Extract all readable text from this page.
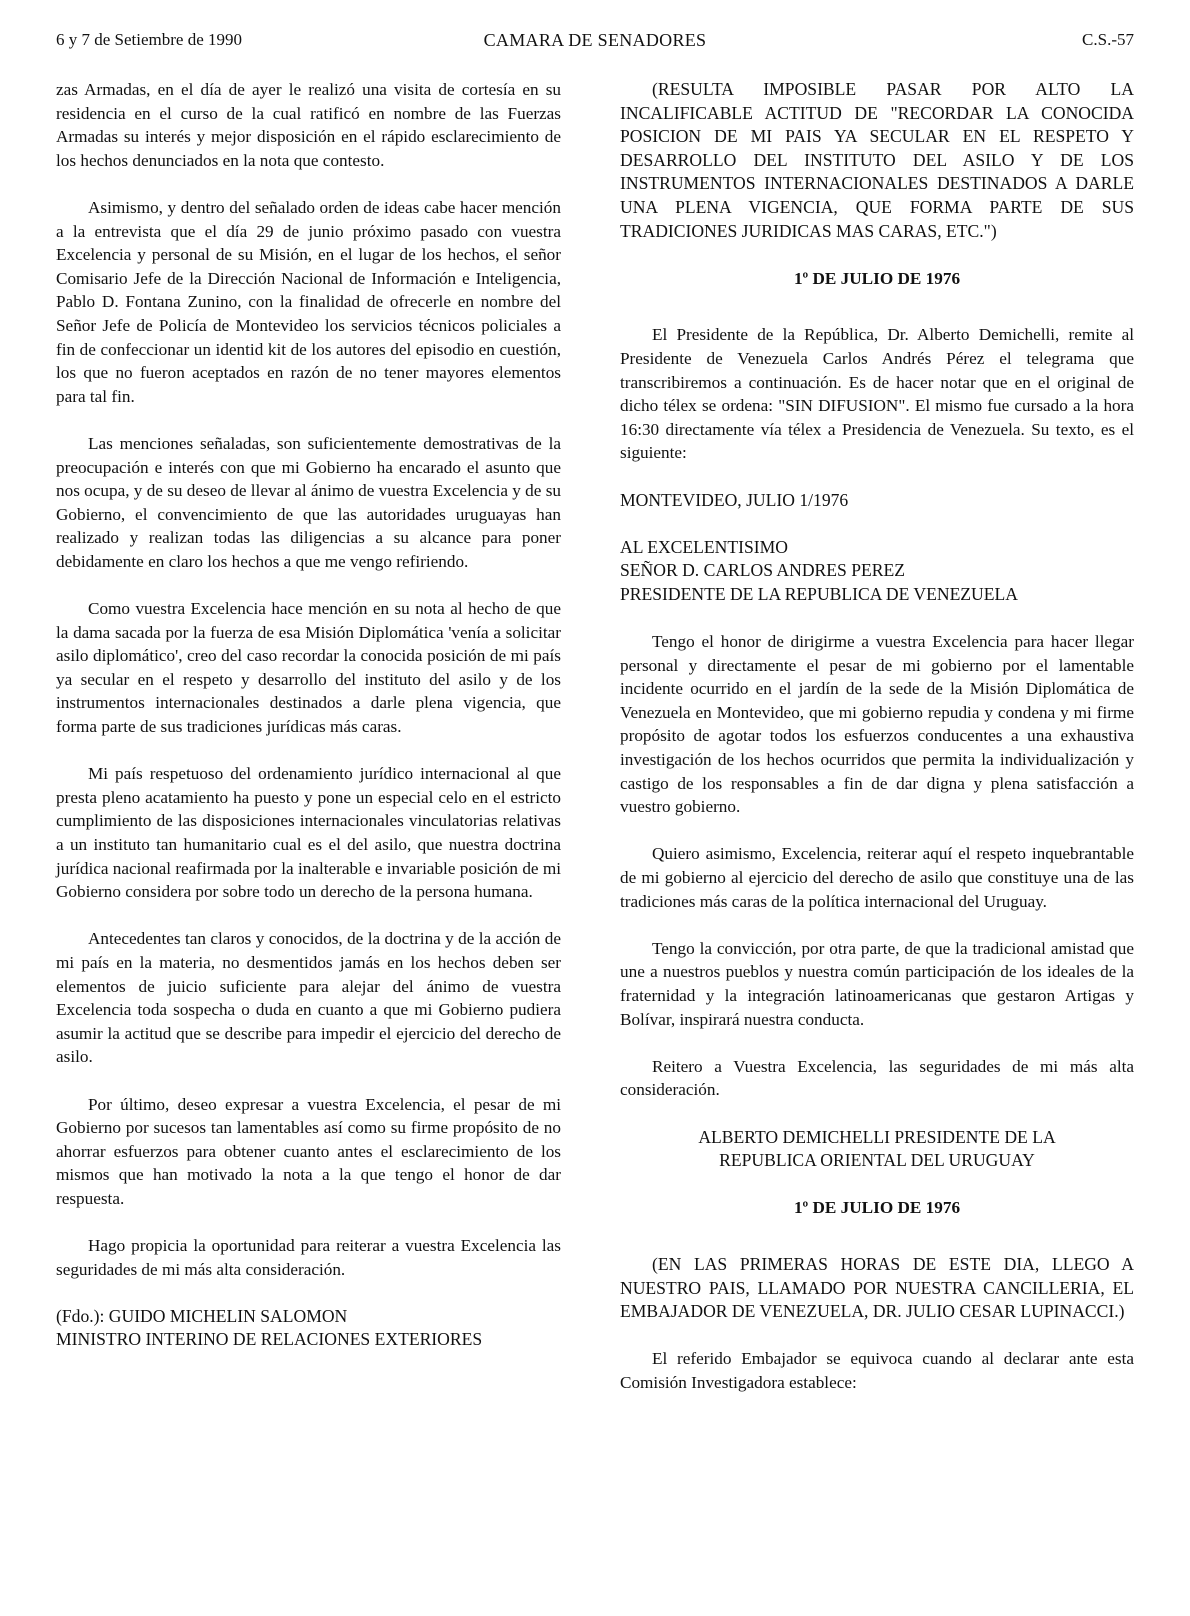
6 y 7 de Setiembre de 1990	CAMARA DE SENADORES	C.S.-57

zas Armadas, en el día de ayer le realizó una visita de cortesía en su residencia en el curso de la cual ratificó en nombre de las Fuerzas Armadas su interés y mejor disposición en el rápido esclarecimiento de los hechos denunciados en la nota que contesto.

Asimismo, y dentro del señalado orden de ideas cabe hacer mención a la entrevista que el día 29 de junio próximo pasado con vuestra Excelencia y personal de su Misión, en el lugar de los hechos, el señor Comisario Jefe de la Dirección Nacional de Información e Inteligencia, Pablo D. Fontana Zunino, con la finalidad de ofrecerle en nombre del Señor Jefe de Policía de Montevideo los servicios técnicos policiales a fin de confeccionar un identid kit de los autores del episodio en cuestión, los que no fueron aceptados en razón de no tener mayores elementos para tal fin.

Las menciones señaladas, son suficientemente demostrativas de la preocupación e interés con que mi Gobierno ha encarado el asunto que nos ocupa, y de su deseo de llevar al ánimo de vuestra Excelencia y de su Gobierno, el convencimiento de que las autoridades uruguayas han realizado y realizan todas las diligencias a su alcance para poner debidamente en claro los hechos a que me vengo refiriendo.

Como vuestra Excelencia hace mención en su nota al hecho de que la dama sacada por la fuerza de esa Misión Diplomática 'venía a solicitar asilo diplomático', creo del caso recordar la conocida posición de mi país ya secular en el respeto y desarrollo del instituto del asilo y de los instrumentos internacionales destinados a darle plena vigencia, que forma parte de sus tradiciones jurídicas más caras.

Mi país respetuoso del ordenamiento jurídico internacional al que presta pleno acatamiento ha puesto y pone un especial celo en el estricto cumplimiento de las disposiciones internacionales vinculatorias relativas a un instituto tan humanitario cual es el del asilo, que nuestra doctrina jurídica nacional reafirmada por la inalterable e invariable posición de mi Gobierno considera por sobre todo un derecho de la persona humana.

Antecedentes tan claros y conocidos, de la doctrina y de la acción de mi país en la materia, no desmentidos jamás en los hechos deben ser elementos de juicio suficiente para alejar del ánimo de vuestra Excelencia toda sospecha o duda en cuanto a que mi Gobierno pudiera asumir la actitud que se describe para impedir el ejercicio del derecho de asilo.

Por último, deseo expresar a vuestra Excelencia, el pesar de mi Gobierno por sucesos tan lamentables así como su firme propósito de no ahorrar esfuerzos para obtener cuanto antes el esclarecimiento de los mismos que han motivado la nota a la que tengo el honor de dar respuesta.

Hago propicia la oportunidad para reiterar a vuestra Excelencia las seguridades de mi más alta consideración.

(Fdo.): GUIDO MICHELIN SALOMON

MINISTRO INTERINO DE RELACIONES EXTERIORES

(RESULTA IMPOSIBLE PASAR POR ALTO LA INCALIFICABLE ACTITUD DE "RECORDAR LA CONOCIDA POSICION DE MI PAIS YA SECULAR EN EL RESPETO Y DESARROLLO DEL INSTITUTO DEL ASILO Y DE LOS INSTRUMENTOS INTERNACIONALES DESTINADOS A DARLE UNA PLENA VIGENCIA, QUE FORMA PARTE DE SUS TRADICIONES JURIDICAS MAS CARAS, ETC.")

1º DE JULIO DE 1976

El Presidente de la República, Dr. Alberto Demichelli, remite al Presidente de Venezuela Carlos Andrés Pérez el telegrama que transcribiremos a continuación. Es de hacer notar que en el original de dicho télex se ordena: "SIN DIFUSION". El mismo fue cursado a la hora 16:30 directamente vía télex a Presidencia de Venezuela. Su texto, es el siguiente:

MONTEVIDEO, JULIO 1/1976

AL EXCELENTISIMO

SEÑOR D. CARLOS ANDRES PEREZ

PRESIDENTE DE LA REPUBLICA DE VENEZUELA

Tengo el honor de dirigirme a vuestra Excelencia para hacer llegar personal y directamente el pesar de mi gobierno por el lamentable incidente ocurrido en el jardín de la sede de la Misión Diplomática de Venezuela en Montevideo, que mi gobierno repudia y condena y mi firme propósito de agotar todos los esfuerzos conducentes a una exhaustiva investigación de los hechos ocurridos que permita la individualización y castigo de los responsables a fin de dar digna y plena satisfacción a vuestro gobierno.

Quiero asimismo, Excelencia, reiterar aquí el respeto inquebrantable de mi gobierno al ejercicio del derecho de asilo que constituye una de las tradiciones más caras de la política internacional del Uruguay.

Tengo la convicción, por otra parte, de que la tradicional amistad que une a nuestros pueblos y nuestra común participación de los ideales de la fraternidad y la integración latinoamericanas que gestaron Artigas y Bolívar, inspirará nuestra conducta.

Reitero a Vuestra Excelencia, las seguridades de mi más alta consideración.

ALBERTO DEMICHELLI PRESIDENTE DE LA REPUBLICA ORIENTAL DEL URUGUAY

1º DE JULIO DE 1976

(EN LAS PRIMERAS HORAS DE ESTE DIA, LLEGO A NUESTRO PAIS, LLAMADO POR NUESTRA CANCILLERIA, EL EMBAJADOR DE VENEZUELA, DR. JULIO CESAR LUPINACCI.)

El referido Embajador se equivoca cuando al declarar ante esta Comisión Investigadora establece:
